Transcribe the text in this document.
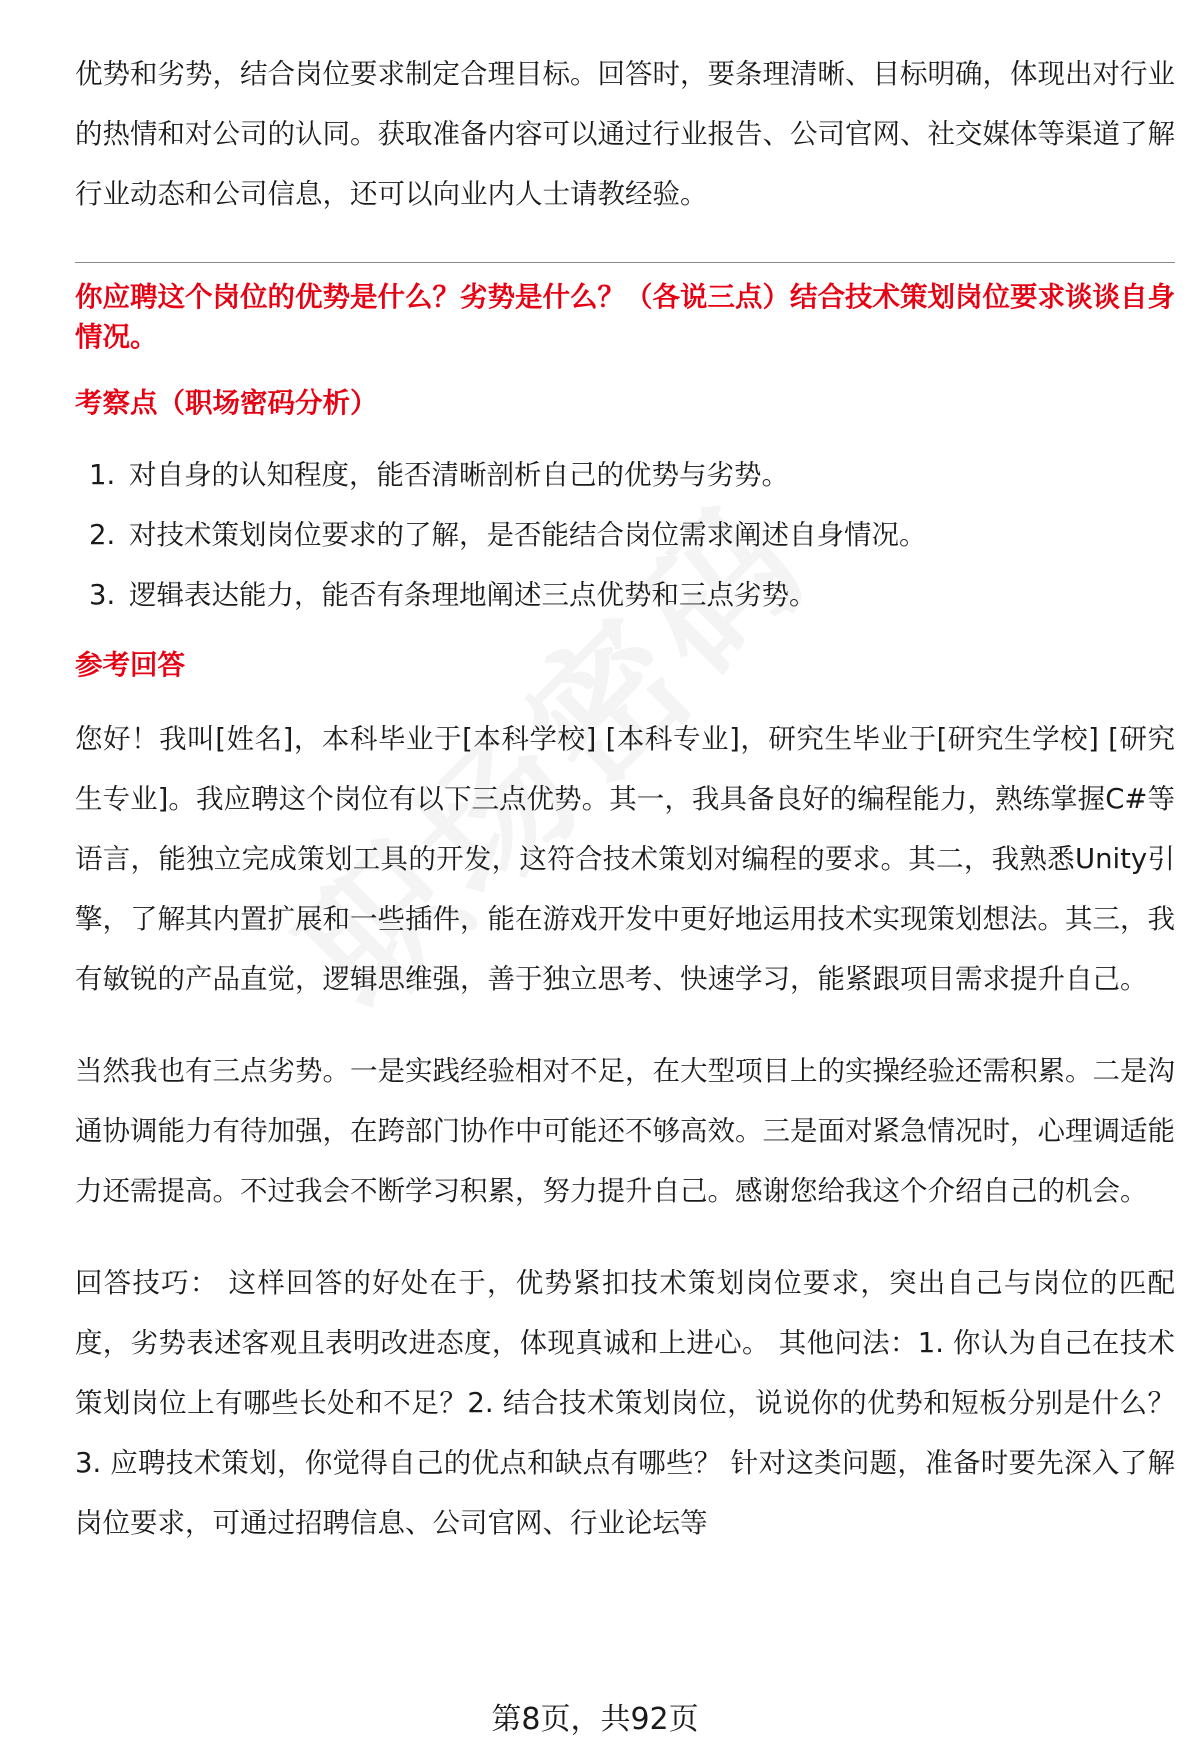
优势和劣势，结合岗位要求制定合理目标。回答时，要条理清晰、目标明确，体现出对行业的热情和对公司的认同。获取准备内容可以通过行业报告、公司官网、社交媒体等渠道了解行业动态和公司信息，还可以向业内人士请教经验。

你应聘这个岗位的优势是什么？劣势是什么？（各说三点）结合技术策划岗位要求谈谈自身情况。
考察点（职场密码分析）
1. 对自身的认知程度，能否清晰剖析自己的优势与劣势。
2. 对技术策划岗位要求的了解，是否能结合岗位需求阐述自身情况。
3. 逻辑表达能力，能否有条理地阐述三点优势和三点劣势。
参考回答

您好！我叫[姓名]，本科毕业于[本科学校] [本科专业]，研究生毕业于[研究生学校] [研究生专业]。我应聘这个岗位有以下三点优势。其一，我具备良好的编程能力，熟练掌握C#等语言，能独立完成策划工具的开发，这符合技术策划对编程的要求。其二，我熟悉Unity引擎，了解其内置扩展和一些插件，能在游戏开发中更好地运用技术实现策划想法。其三，我有敏锐的产品直觉，逻辑思维强，善于独立思考、快速学习，能紧跟项目需求提升自己。

当然我也有三点劣势。一是实践经验相对不足，在大型项目上的实操经验还需积累。二是沟通协调能力有待加强，在跨部门协作中可能还不够高效。三是面对紧急情况时，心理调适能力还需提高。不过我会不断学习积累，努力提升自己。感谢您给我这个介绍自己的机会。

回答技巧： 这样回答的好处在于，优势紧扣技术策划岗位要求，突出自己与岗位的匹配度，劣势表述客观且表明改进态度，体现真诚和上进心。 其他问法：1. 你认为自己在技术策划岗位上有哪些长处和不足？2. 结合技术策划岗位，说说你的优势和短板分别是什么？3. 应聘技术策划，你觉得自己的优点和缺点有哪些？ 针对这类问题，准备时要先深入了解岗位要求，可通过招聘信息、公司官网、行业论坛等

第8页，共92页
